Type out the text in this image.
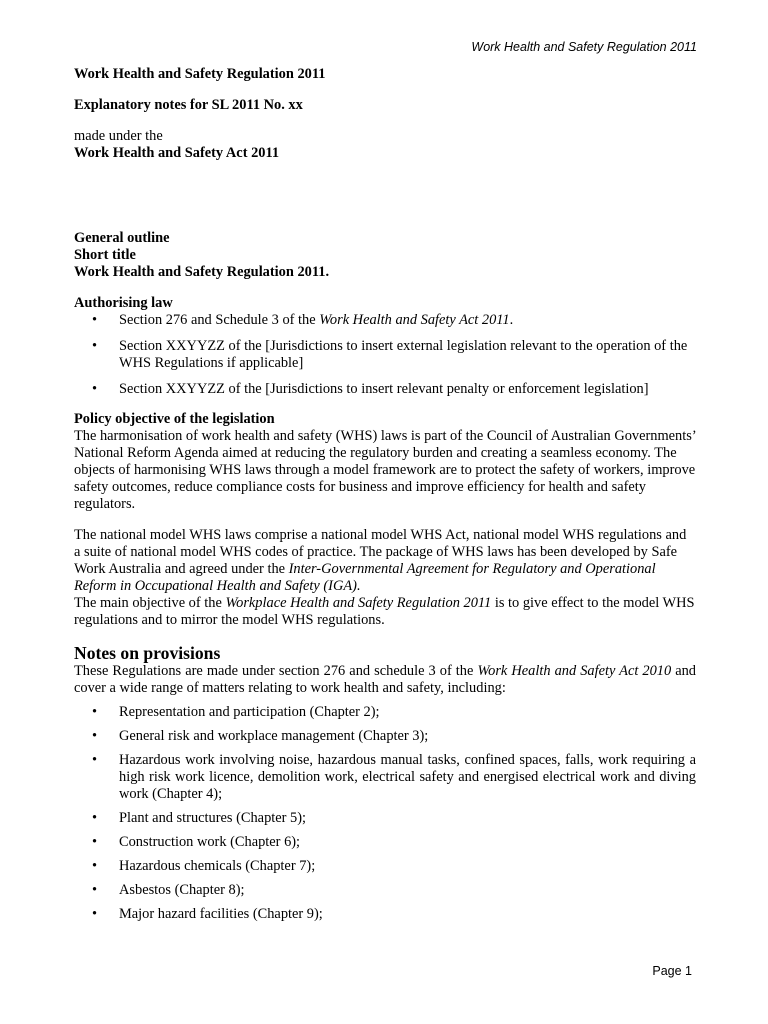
Work Health and Safety Regulation 2011

Work Health and Safety Regulation 2011

Explanatory notes for SL 2011 No. xx

made under the

Work Health and Safety Act 2011

General outline

Short title

Work Health and Safety Regulation 2011.

Authorising law

• Section 276 and Schedule 3 of the Work Health and Safety Act 2011.
• Section XXYYZZ of the [Jurisdictions to insert external legislation relevant to the operation of the WHS Regulations if applicable]
• Section XXYYZZ of the [Jurisdictions to insert relevant penalty or enforcement legislation]

Policy objective of the legislation

The harmonisation of work health and safety (WHS) laws is part of the Council of Australian Governments’ National Reform Agenda aimed at reducing the regulatory burden and creating a seamless economy. The objects of harmonising WHS laws through a model framework are to protect the safety of workers, improve safety outcomes, reduce compliance costs for business and improve efficiency for health and safety regulators.

The national model WHS laws comprise a national model WHS Act, national model WHS regulations and a suite of national model WHS codes of practice. The package of WHS laws has been developed by Safe Work Australia and agreed under the Inter-Governmental Agreement for Regulatory and Operational Reform in Occupational Health and Safety (IGA).

The main objective of the Workplace Health and Safety Regulation 2011 is to give effect to the model WHS regulations and to mirror the model WHS regulations.

Notes on provisions

These Regulations are made under section 276 and schedule 3 of the Work Health and Safety Act 2010 and cover a wide range of matters relating to work health and safety, including:

• Representation and participation (Chapter 2);
• General risk and workplace management (Chapter 3);
• Hazardous work involving noise, hazardous manual tasks, confined spaces, falls, work requiring a high risk work licence, demolition work, electrical safety and energised electrical work and diving work (Chapter 4);
• Plant and structures (Chapter 5);
• Construction work (Chapter 6);
• Hazardous chemicals (Chapter 7);
• Asbestos (Chapter 8);
• Major hazard facilities (Chapter 9);
Page 1
